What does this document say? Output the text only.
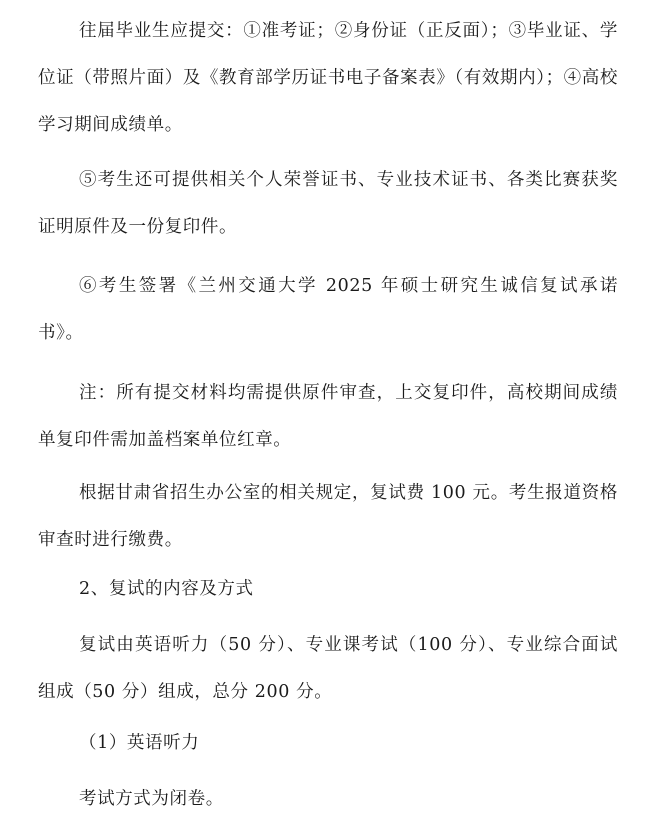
往届毕业生应提交：①准考证；②身份证（正反面）；③毕业证、学位证（带照片面）及《教育部学历证书电子备案表》（有效期内）；④高校学习期间成绩单。

⑤考生还可提供相关个人荣誉证书、专业技术证书、各类比赛获奖证明原件及一份复印件。

⑥考生签署《兰州交通大学 2025 年硕士研究生诚信复试承诺书》。

注：所有提交材料均需提供原件审查，上交复印件，高校期间成绩单复印件需加盖档案单位红章。

根据甘肃省招生办公室的相关规定，复试费 100 元。考生报道资格审查时进行缴费。

2、复试的内容及方式

复试由英语听力（50 分）、专业课考试（100 分）、专业综合面试组成（50 分）组成，总分 200 分。

（1）英语听力

考试方式为闭卷。
